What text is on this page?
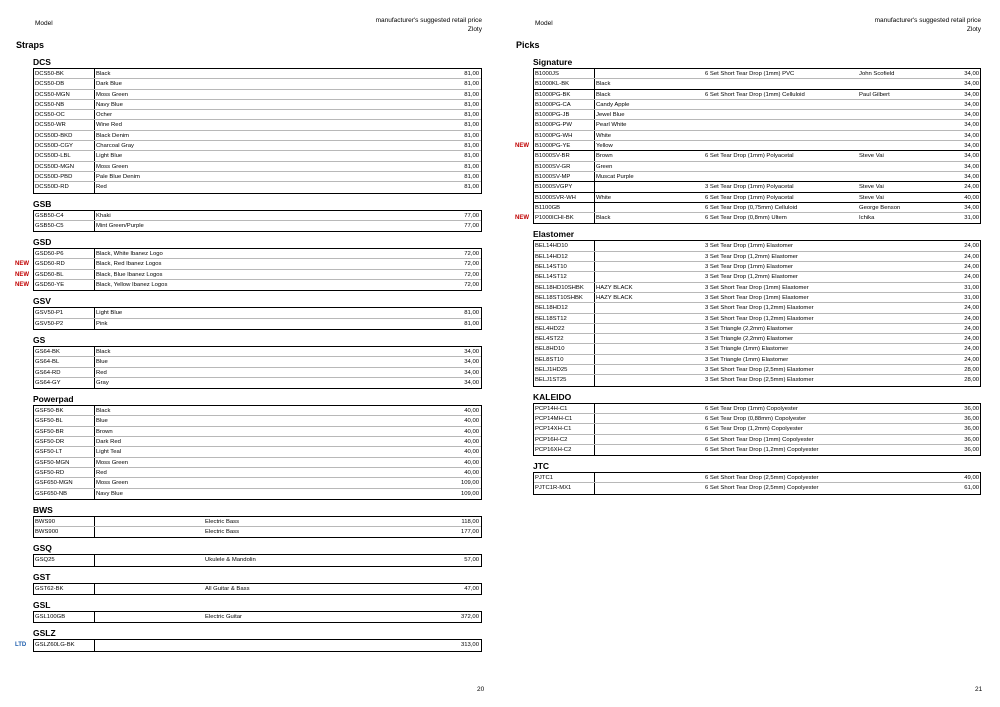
Model	manufacturer's suggested retail price
Zloty
Straps
DCS
DCS50-BK	Black	81,00
DCS50-DB	Dark Blue	81,00
DCS50-MGN	Moss Green	81,00
DCS50-NB	Navy Blue	81,00
DCS50-OC	Ocher	81,00
DCS50-WR	Wine Red	81,00
DCS50D-BKD	Black Denim	81,00
DCS50D-CGY	Charcoal Gray	81,00
DCS50D-LBL	Light Blue	81,00
DCS50D-MGN	Moss Green	81,00
DCS50D-PBD	Pale Blue Denim	81,00
DCS50D-RD	Red	81,00
GSB
GSB50-C4	Khaki	77,00
GSB50-C5	Mint Green/Purple	77,00
GSD
GSD50-P6	Black, White Ibanez Logo	72,00
GSD50-RD	Black, Red Ibanez Logos	72,00
NEW
GSD50-BL	Black, Blue Ibanez Logos	72,00
NEW
GSD50-YE	Black, Yellow Ibanez Logos	72,00
NEW
GSV
GSV50-P1	Light Blue	81,00
GSV50-P2	Pink	81,00
GS
GS64-BK	Black	34,00
GS64-BL	Blue	34,00
GS64-RD	Red	34,00
GS64-GY	Gray	34,00
Powerpad
GSF50-BK	Black	40,00
GSF50-BL	Blue	40,00
GSF50-BR	Brown	40,00
GSF50-DR	Dark Red	40,00
GSF50-LT	Light Teal	40,00
GSF50-MGN	Moss Green	40,00
GSF50-RD	Red	40,00
GSF650-MGN	Moss Green	109,00
GSF650-NB	Navy Blue	109,00
BWS
BWS90	Electric Bass	118,00
BWS900	Electric Bass	177,00
GSQ
GSQ25	Ukulele & Mandolin	57,00
GST
GST62-BK	All Guitar & Bass	47,00
GSL
GSL100GB	Electric Guitar	372,00
GSLZ
GSLZ60LG-BK	313,00
LTD
20
Model	manufacturer's suggested retail price
Zloty
Picks
Signature
B1000JS	6 Set Short Tear Drop (1mm) PVC	John Scofield	34,00
B1000KL-BK	Black	34,00
B1000PG-BK	Black	6 Set Short Tear Drop (1mm) Celluloid	Paul Gilbert	34,00
B1000PG-CA	Candy Apple	34,00
B1000PG-JB	Jewel Blue	34,00
B1000PG-PW	Pearl White	34,00
B1000PG-WH	White	34,00
B1000PG-YE	Yellow	34,00
NEW
B1000SV-BR	Brown	6 Set Tear Drop (1mm) Polyacetal	Steve Vai	34,00
B1000SV-GR	Green	34,00
B1000SV-MP	Muscat Purple	34,00
B1000SVGPY	3 Set Tear Drop (1mm) Polyacetal	Steve Vai	24,00
B1000SVR-WH	White	6 Set Tear Drop (1mm) Polyacetal	Steve Vai	40,00
B1100GB	6 Set Tear Drop (0,75mm) Celluloid	George Benson	34,00
P1000ICHI-BK	Black	6 Set Tear Drop (0,8mm) Ultem	Ichika	31,00
NEW
Elastomer
BEL14HD10	3 Set Tear Drop (1mm) Elastomer	24,00
BEL14HD12	3 Set Tear Drop (1,2mm) Elastomer	24,00
BEL14ST10	3 Set Tear Drop (1mm) Elastomer	24,00
BEL14ST12	3 Set Tear Drop (1,2mm) Elastomer	24,00
BEL18HD10SHBK	HAZY BLACK	3 Set Short Tear Drop (1mm) Elastomer	31,00
BEL18ST10SHBK	HAZY BLACK	3 Set Short Tear Drop (1mm) Elastomer	31,00
BEL18HD12	3 Set Short Tear Drop (1,2mm) Elastomer	24,00
BEL18ST12	3 Set Short Tear Drop (1,2mm) Elastomer	24,00
BEL4HD22	3 Set Triangle (2,2mm) Elastomer	24,00
BEL4ST22	3 Set Triangle (2,2mm) Elastomer	24,00
BEL8HD10	3 Set Triangle (1mm) Elastomer	24,00
BEL8ST10	3 Set Triangle (1mm) Elastomer	24,00
BELJ1HD25	3 Set Short Tear Drop (2,5mm) Elastomer	28,00
BELJ1ST25	3 Set Short Tear Drop (2,5mm) Elastomer	28,00
KALEIDO
PCP14H-C1	6 Set Tear Drop (1mm) Copolyester	36,00
PCP14MH-C1	6 Set Tear Drop (0,88mm) Copolyester	36,00
PCP14XH-C1	6 Set Tear Drop (1,2mm) Copolyester	36,00
PCP16H-C2	6 Set Short Tear Drop (1mm) Copolyester	36,00
PCP16XH-C2	6 Set Short Tear Drop (1,2mm) Copolyester	36,00
JTC
PJTC1	6 Set Short Tear Drop (2,5mm) Copolyester	49,00
PJTC1R-MX1	6 Set Short Tear Drop (2,5mm) Copolyester	61,00
21
